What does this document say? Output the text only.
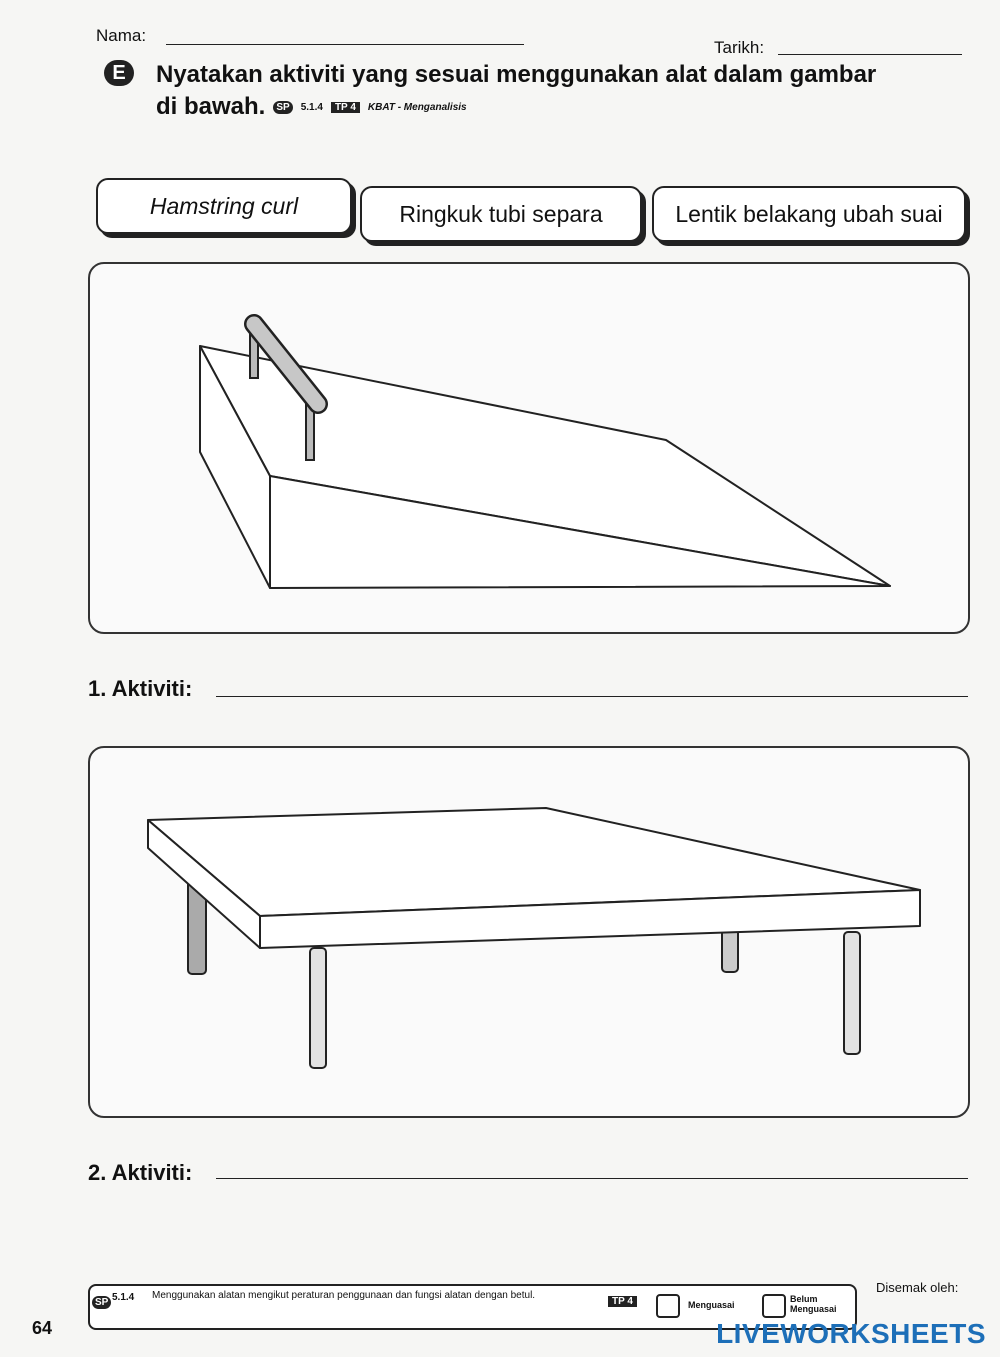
Nama:
Tarikh:
E	Nyatakan aktiviti yang sesuai menggunakan alat dalam gambar
di bawah.	SP	5.1.4	TP 4	KBAT - Menganalisis
Hamstring curl	Ringkuk tubi separa	Lentik belakang ubah suai
1. Aktiviti:
2. Aktiviti:
SP 5.1.4 Menggunakan alatan mengikut peraturan penggunaan dan fungsi alatan dengan betul.
TP 4	Menguasai
Belum Menguasai
Disemak oleh:
64	LIVEWORKSHEETS
